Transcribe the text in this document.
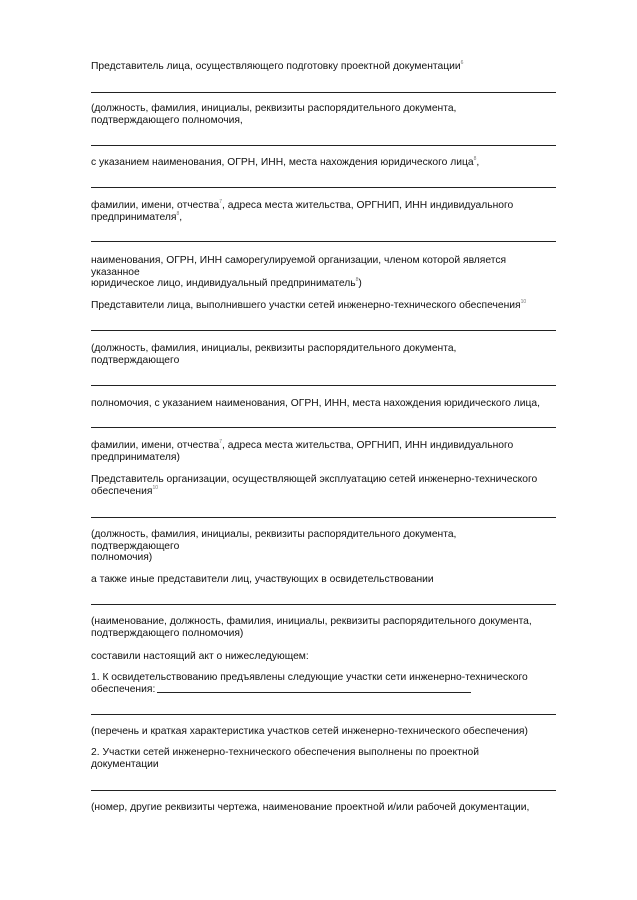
Представитель лица, осуществляющего подготовку проектной документации$^6$
(должность, фамилия, инициалы, реквизиты распорядительного документа,
подтверждающего полномочия,
с указанием наименования, ОГРН, ИНН, места нахождения юридического лица$^8$,
фамилии, имени, отчества$^7$, адреса места жительства, ОРГНИП, ИНН индивидуального
предпринимателя$^8$,
наименования, ОГРН, ИНН саморегулируемой организации, членом которой является
указанное
юридическое лицо, индивидуальный предприниматель$^8$)
Представители лица, выполнившего участки сетей инженерно-технического обеспечения$^{10}$
(должность, фамилия, инициалы, реквизиты распорядительного документа,
подтверждающего
полномочия, с указанием наименования, ОГРН, ИНН, места нахождения юридического лица,
фамилии, имени, отчества$^7$, адреса места жительства, ОРГНИП, ИНН индивидуального
предпринимателя)
Представитель организации, осуществляющей эксплуатацию сетей инженерно-технического
обеспечения$^{10}$
(должность, фамилия, инициалы, реквизиты распорядительного документа,
подтверждающего
полномочия)
а также иные представители лиц, участвующих в освидетельствовании
(наименование, должность, фамилия, инициалы, реквизиты распорядительного документа,
подтверждающего полномочия)
составили настоящий акт о нижеследующем:
1. К освидетельствованию предъявлены следующие участки сети инженерно-технического
обеспечения:
(перечень и краткая характеристика участков сетей инженерно-технического обеспечения)
2. Участки сетей инженерно-технического обеспечения выполнены по проектной
документации
(номер, другие реквизиты чертежа, наименование проектной и/или рабочей документации,
